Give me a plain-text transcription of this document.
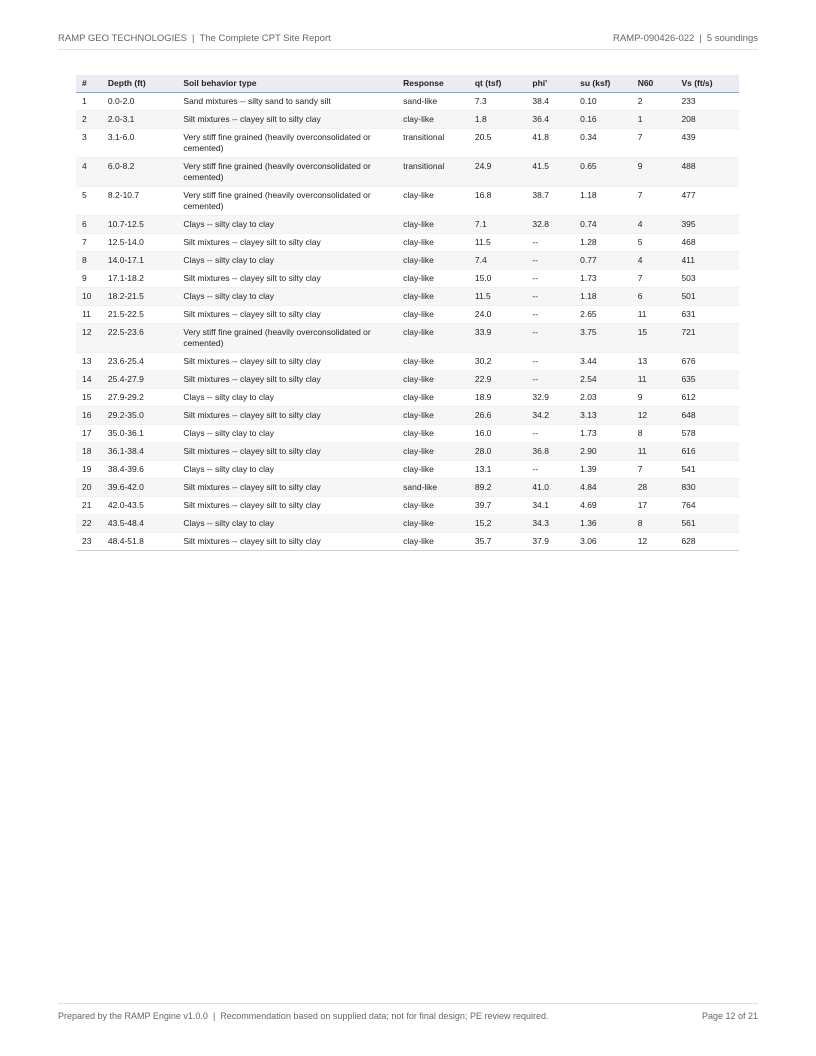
RAMP GEO TECHNOLOGIES | The Complete CPT Site Report	RAMP-090426-022 | 5 soundings
#	Depth (ft)	Soil behavior type	Response	qt (tsf)	phi'	su (ksf)	N60	Vs (ft/s)
1	0.0-2.0	Sand mixtures -- silty sand to sandy silt	sand-like	7.3	38.4	0.10	2	233
2	2.0-3.1	Silt mixtures -- clayey silt to silty clay	clay-like	1.8	36.4	0.16	1	208
3	3.1-6.0	Very stiff fine grained (heavily overconsolidated or cemented)	transitional	20.5	41.8	0.34	7	439
4	6.0-8.2	Very stiff fine grained (heavily overconsolidated or cemented)	transitional	24.9	41.5	0.65	9	488
5	8.2-10.7	Very stiff fine grained (heavily overconsolidated or cemented)	clay-like	16.8	38.7	1.18	7	477
6	10.7-12.5	Clays -- silty clay to clay	clay-like	7.1	32.8	0.74	4	395
7	12.5-14.0	Silt mixtures -- clayey silt to silty clay	clay-like	11.5	--	1.28	5	468
8	14.0-17.1	Clays -- silty clay to clay	clay-like	7.4	--	0.77	4	411
9	17.1-18.2	Silt mixtures -- clayey silt to silty clay	clay-like	15.0	--	1.73	7	503
10	18.2-21.5	Clays -- silty clay to clay	clay-like	11.5	--	1.18	6	501
11	21.5-22.5	Silt mixtures -- clayey silt to silty clay	clay-like	24.0	--	2.65	11	631
12	22.5-23.6	Very stiff fine grained (heavily overconsolidated or cemented)	clay-like	33.9	--	3.75	15	721
13	23.6-25.4	Silt mixtures -- clayey silt to silty clay	clay-like	30.2	--	3.44	13	676
14	25.4-27.9	Silt mixtures -- clayey silt to silty clay	clay-like	22.9	--	2.54	11	635
15	27.9-29.2	Clays -- silty clay to clay	clay-like	18.9	32.9	2.03	9	612
16	29.2-35.0	Silt mixtures -- clayey silt to silty clay	clay-like	26.6	34.2	3.13	12	648
17	35.0-36.1	Clays -- silty clay to clay	clay-like	16.0	--	1.73	8	578
18	36.1-38.4	Silt mixtures -- clayey silt to silty clay	clay-like	28.0	36.8	2.90	11	616
19	38.4-39.6	Clays -- silty clay to clay	clay-like	13.1	--	1.39	7	541
20	39.6-42.0	Silt mixtures -- clayey silt to silty clay	sand-like	89.2	41.0	4.84	28	830
21	42.0-43.5	Silt mixtures -- clayey silt to silty clay	clay-like	39.7	34.1	4.69	17	764
22	43.5-48.4	Clays -- silty clay to clay	clay-like	15.2	34.3	1.36	8	561
23	48.4-51.8	Silt mixtures -- clayey silt to silty clay	clay-like	35.7	37.9	3.06	12	628
Prepared by the RAMP Engine v1.0.0 | Recommendation based on supplied data; not for final design; PE review required.	Page 12 of 21
